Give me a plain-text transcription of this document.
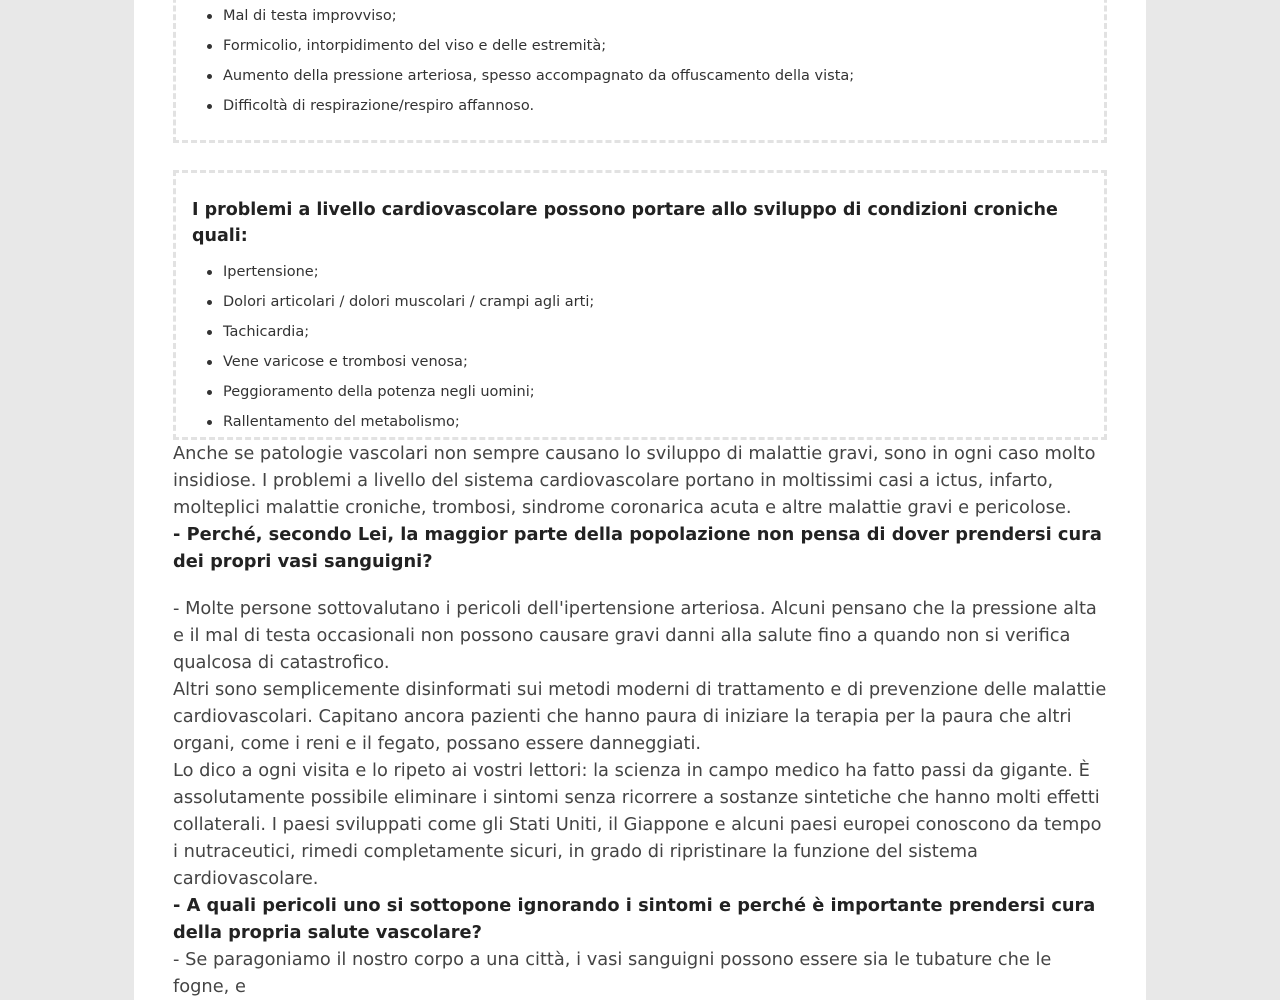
Mal di testa improvviso;
Formicolio, intorpidimento del viso e delle estremità;
Aumento della pressione arteriosa, spesso accompagnato da offuscamento della vista;
Difficoltà di respirazione/respiro affannoso.
I problemi a livello cardiovascolare possono portare allo sviluppo di condizioni croniche quali:
Ipertensione;
Dolori articolari / dolori muscolari / crampi agli arti;
Tachicardia;
Vene varicose e trombosi venosa;
Peggioramento della potenza negli uomini;
Rallentamento del metabolismo;

Anche se patologie vascolari non sempre causano lo sviluppo di malattie gravi, sono in ogni caso molto insidiose. I problemi a livello del sistema cardiovascolare portano in moltissimi casi a ictus, infarto, molteplici malattie croniche, trombosi, sindrome coronarica acuta e altre malattie gravi e pericolose.

- Perché, secondo Lei, la maggior parte della popolazione non pensa di dover prendersi cura dei propri vasi sanguigni?

- Molte persone sottovalutano i pericoli dell'ipertensione arteriosa. Alcuni pensano che la pressione alta e il mal di testa occasionali non possono causare gravi danni alla salute fino a quando non si verifica qualcosa di catastrofico.

Altri sono semplicemente disinformati sui metodi moderni di trattamento e di prevenzione delle malattie cardiovascolari. Capitano ancora pazienti che hanno paura di iniziare la terapia per la paura che altri organi, come i reni e il fegato, possano essere danneggiati.

Lo dico a ogni visita e lo ripeto ai vostri lettori: la scienza in campo medico ha fatto passi da gigante. È assolutamente possibile eliminare i sintomi senza ricorrere a sostanze sintetiche che hanno molti effetti collaterali. I paesi sviluppati come gli Stati Uniti, il Giappone e alcuni paesi europei conoscono da tempo i nutraceutici, rimedi completamente sicuri, in grado di ripristinare la funzione del sistema cardiovascolare.

- A quali pericoli uno si sottopone ignorando i sintomi e perché è importante prendersi cura della propria salute vascolare?

- Se paragoniamo il nostro corpo a una città, i vasi sanguigni possono essere sia le tubature che le fogne, e
